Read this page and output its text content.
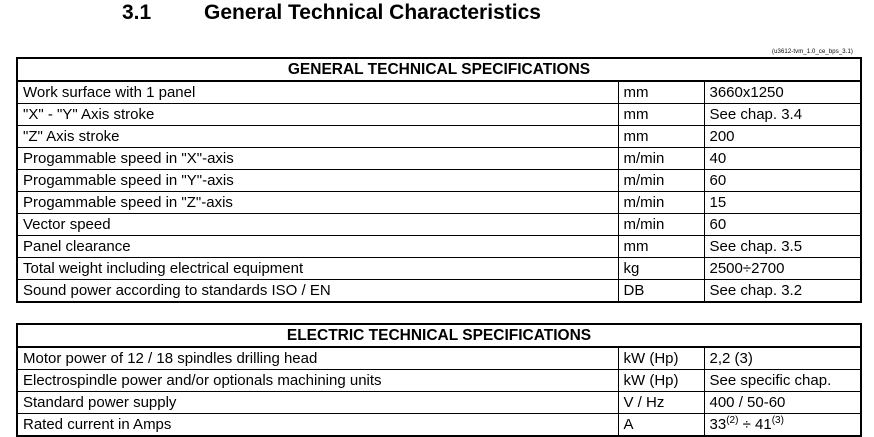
3.1	General Technical Characteristics
(u3612-tvm_1.0_ce_bps_3.1)
GENERAL TECHNICAL SPECIFICATIONS		
Work surface with 1 panel	mm	3660x1250
"X" - "Y" Axis stroke	mm	See chap. 3.4
"Z" Axis stroke	mm	200
Progammable speed in "X"-axis	m/min	40
Progammable speed in "Y"-axis	m/min	60
Progammable speed in "Z"-axis	m/min	15
Vector speed	m/min	60
Panel clearance	mm	See chap. 3.5
Total weight including electrical equipment	kg	2500÷2700
Sound power according to standards ISO / EN	DB	See chap. 3.2
ELECTRIC TECHNICAL SPECIFICATIONS		
Motor power of 12 / 18 spindles drilling head	kW (Hp)	2,2 (3)
Electrospindle power and/or optionals machining units	kW (Hp)	See specific chap.
Standard power supply	V / Hz	400 / 50-60
Rated current in Amps	A	$33^{(2)} \div 41^{(3)}$
